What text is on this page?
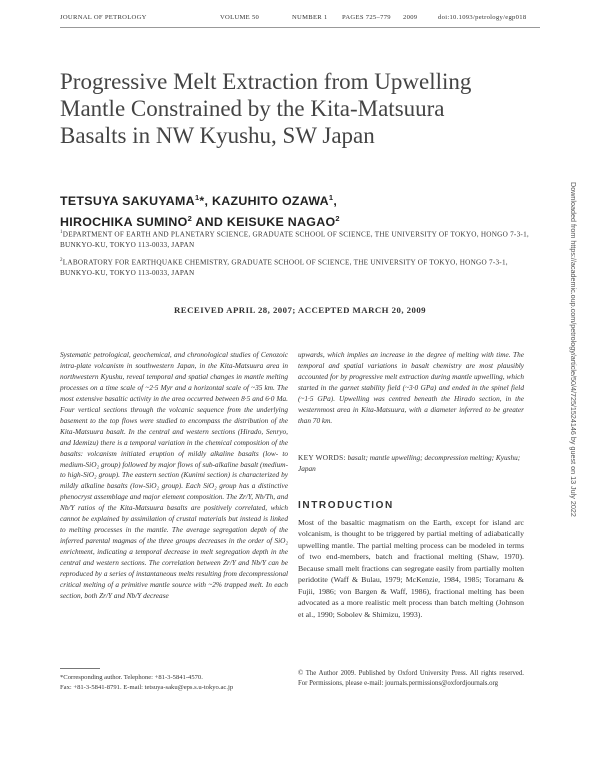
JOURNAL OF PETROLOGY	VOLUME 50	NUMBER 1 PAGES 725–779 2009	doi:10.1093/petrology/egp018
Progressive Melt Extraction from Upwelling Mantle Constrained by the Kita-Matsuura Basalts in NW Kyushu, SW Japan
TETSUYA SAKUYAMA$^1$*, KAZUHITO OZAWA$^1$,
HIROCHIKA SUMINO$^2$ AND KEISUKE NAGAO$^2$
$^1$DEPARTMENT OF EARTH AND PLANETARY SCIENCE, GRADUATE SCHOOL OF SCIENCE, THE UNIVERSITY OF TOKYO, HONGO 7-3-1, BUNKYO-KU, TOKYO 113-0033, JAPAN
$^2$LABORATORY FOR EARTHQUAKE CHEMISTRY, GRADUATE SCHOOL OF SCIENCE, THE UNIVERSITY OF TOKYO, HONGO 7-3-1, BUNKYO-KU, TOKYO 113-0033, JAPAN
RECEIVED APRIL 28, 2007; ACCEPTED MARCH 20, 2009
Systematic petrological, geochemical, and chronological studies of Cenozoic intra-plate volcanism in southwestern Japan, in the Kita-Matsuura area in northwestern Kyushu, reveal temporal and spatial changes in mantle melting processes on a time scale of ~2·5 Myr and a horizontal scale of ~35 km. The most extensive basaltic activity in the area occurred between 8·5 and 6·0 Ma. Four vertical sections through the volcanic sequence from the underlying basement to the top flows were studied to encompass the distribution of the Kita-Matsuura basalt. In the central and western sections (Hirado, Senryo, and Idemizu) there is a temporal variation in the chemical composition of the basalts: volcanism initiated eruption of mildly alkaline basalts (low- to medium-SiO₂ group) followed by major flows of sub-alkaline basalt (medium- to high-SiO₂ group). The eastern section (Kunimi section) is characterized by mildly alkaline basalts (low-SiO₂ group). Each SiO₂ group has a distinctive phenocryst assemblage and major element composition. The Zr/Y, Nb/Th, and Nb/Y ratios of the Kita-Matsuura basalts are positively correlated, which cannot be explained by assimilation of crustal materials but instead is linked to melting processes in the mantle. The average segregation depth of the inferred parental magmas of the three groups decreases in the order of SiO₂ enrichment, indicating a temporal decrease in melt segregation depth in the central and western sections. The correlation between Zr/Y and Nb/Y can be reproduced by a series of instantaneous melts resulting from decompressional critical melting of a primitive mantle source with ~2% trapped melt. In each section, both Zr/Y and Nb/Y decrease
upwards, which implies an increase in the degree of melting with time. The temporal and spatial variations in basalt chemistry are most plausibly accounted for by progressive melt extraction during mantle upwelling, which started in the garnet stability field (~3·0 GPa) and ended in the spinel field (~1·5 GPa). Upwelling was centred beneath the Hirado section, in the westernmost area in Kita-Matsuura, with a diameter inferred to be greater than 70 km.
KEY WORDS: basalt; mantle upwelling; decompression melting; Kyushu; Japan
INTRODUCTION
Most of the basaltic magmatism on the Earth, except for island arc volcanism, is thought to be triggered by partial melting of adiabatically upwelling mantle. The partial melting process can be modeled in terms of two end-members, batch and fractional melting (Shaw, 1970). Because small melt fractions can segregate easily from partially molten peridotite (Waff & Bulau, 1979; McKenzie, 1984, 1985; Toramaru & Fujii, 1986; von Bargen & Waff, 1986), fractional melting has been advocated as a more realistic melt process than batch melting (Johnson et al., 1990; Sobolev & Shimizu, 1993).
*Corresponding author. Telephone: +81-3-5841-4570.
Fax: +81-3-5841-8791. E-mail: tetsuya-saku@eps.s.u-tokyo.ac.jp
© The Author 2009. Published by Oxford University Press. All rights reserved. For Permissions, please e-mail: journals.permissions@oxfordjournals.org
Downloaded from https://academic.oup.com/petrology/article/50/4/725/1524146 by guest on 13 July 2022
